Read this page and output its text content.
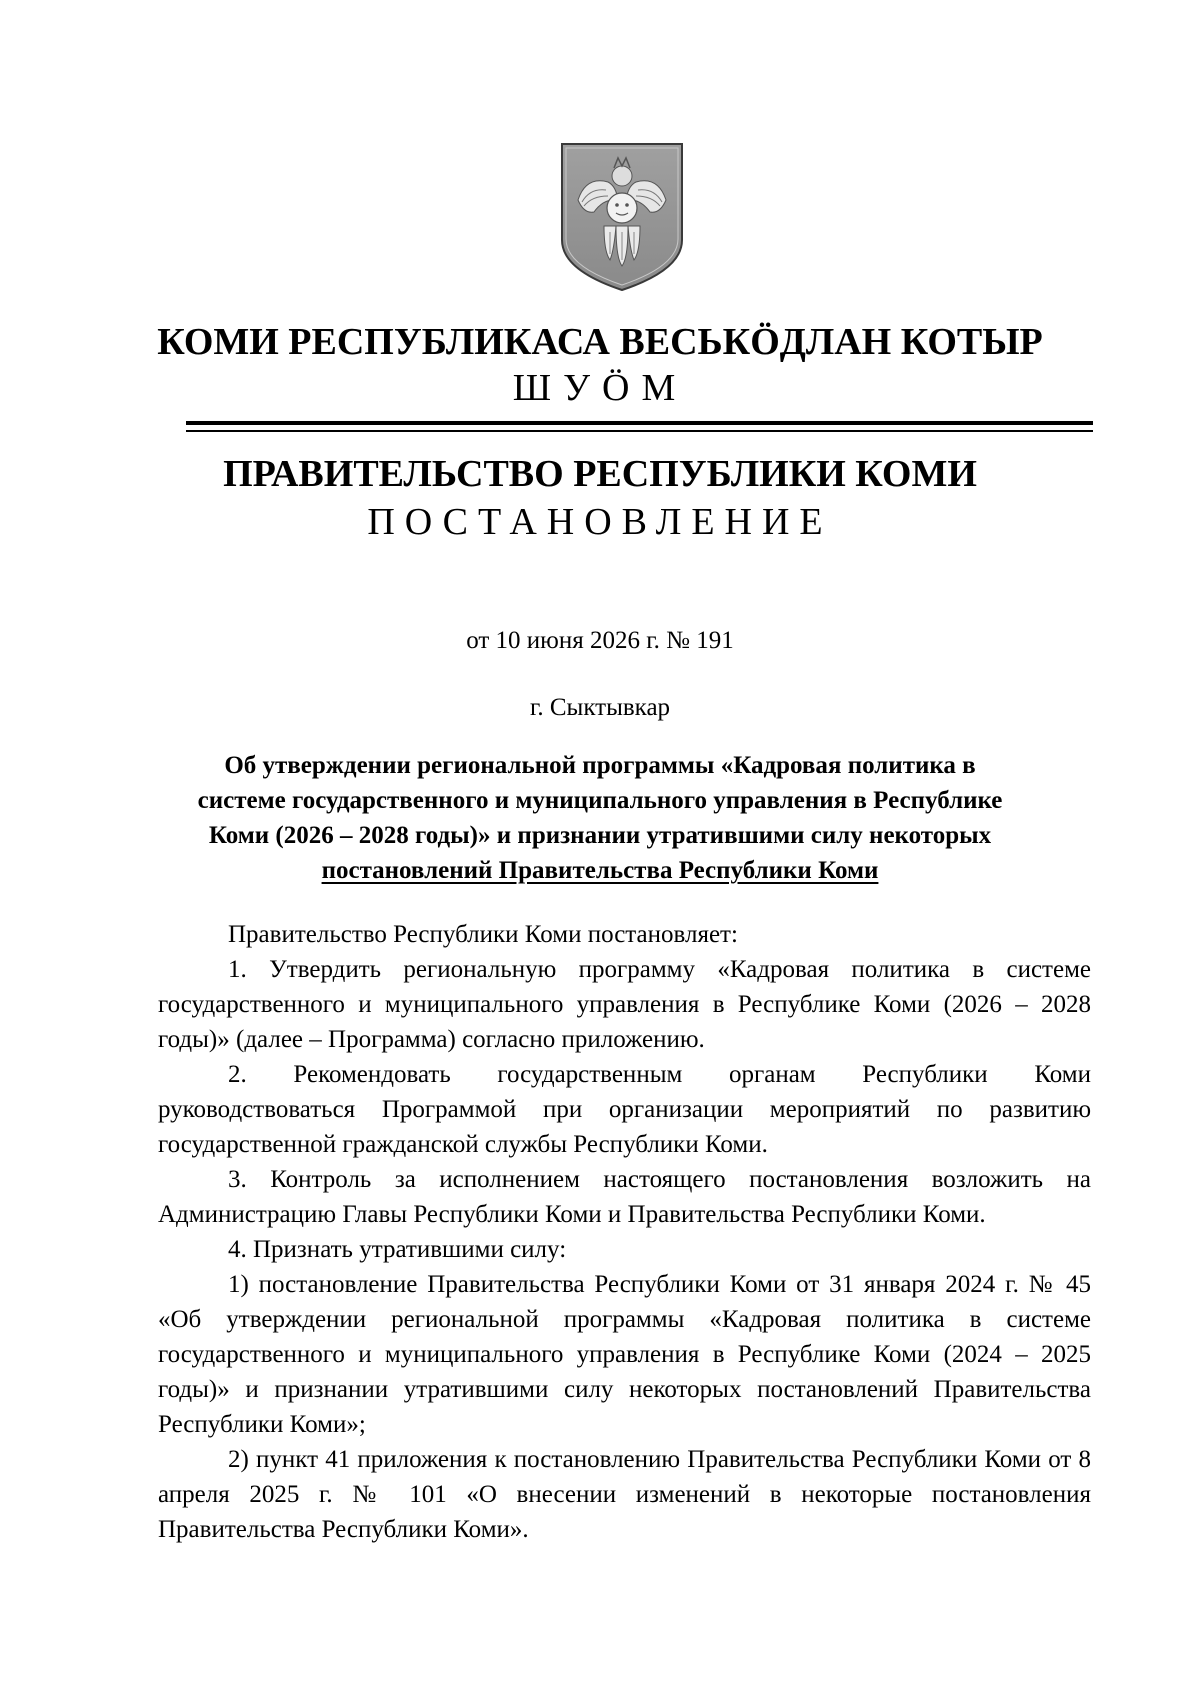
КОМИ РЕСПУБЛИКАСА ВЕСЬКӦДЛАН КОТЫР
ШУӦМ
ПРАВИТЕЛЬСТВО РЕСПУБЛИКИ КОМИ
ПОСТАНОВЛЕНИЕ
от 10 июня 2026 г. № 191
г. Сыктывкар
Об утверждении региональной программы «Кадровая политика в
системе государственного и муниципального управления в Республике
Коми (2026 – 2028 годы)» и признании утратившими силу некоторых
постановлений Правительства Республики Коми

Правительство Республики Коми постановляет:

1. Утвердить региональную программу «Кадровая политика в системе государственного и муниципального управления в Республике Коми (2026 – 2028 годы)» (далее – Программа) согласно приложению.

2. Рекомендовать государственным органам Республики Коми руководствоваться Программой при организации мероприятий по развитию государственной гражданской службы Республики Коми.

3. Контроль за исполнением настоящего постановления возложить на Администрацию Главы Республики Коми и Правительства Республики Коми.

4. Признать утратившими силу:

1) постановление Правительства Республики Коми от 31 января 2024 г. № 45 «Об утверждении региональной программы «Кадровая политика в системе государственного и муниципального управления в Республике Коми (2024 – 2025 годы)» и признании утратившими силу некоторых постановлений Правительства Республики Коми»;

2) пункт 41 приложения к постановлению Правительства Республики Коми от 8 апреля 2025 г. № 101 «О внесении изменений в некоторые постановления Правительства Республики Коми».
